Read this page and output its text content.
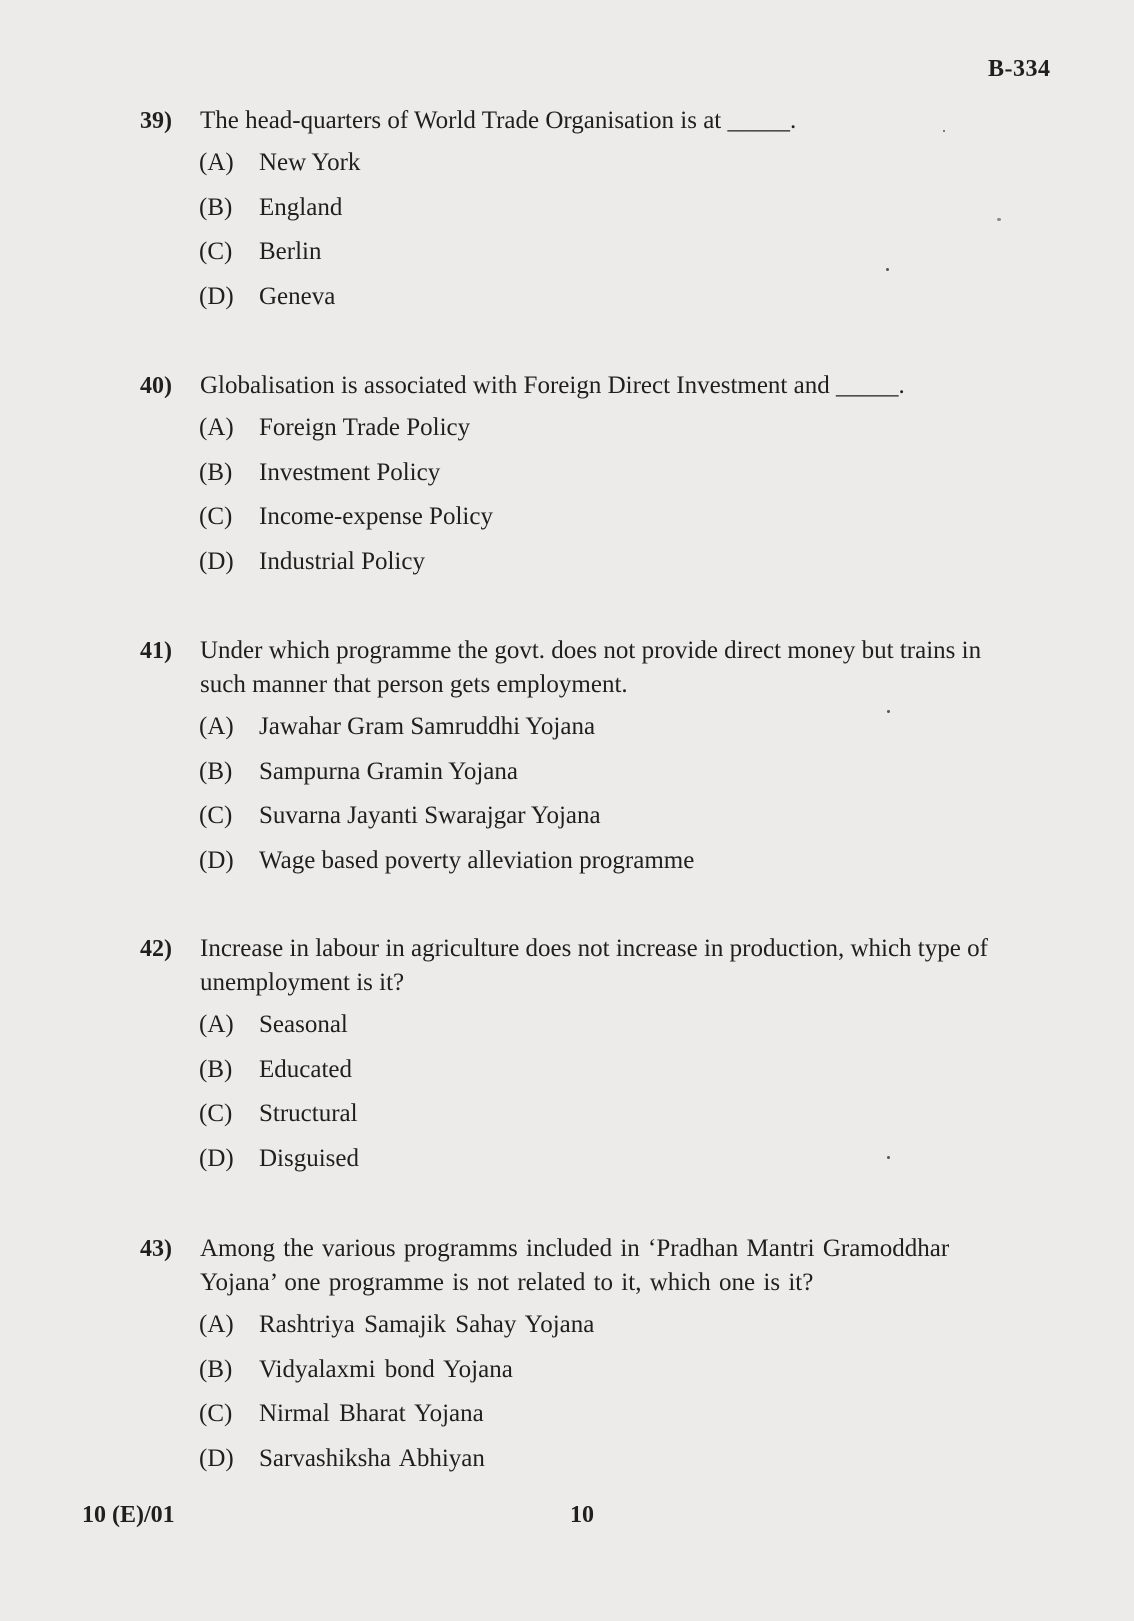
B-334
39) The head-quarters of World Trade Organisation is at _____.
(A) New York
(B) England
(C) Berlin
(D) Geneva
40) Globalisation is associated with Foreign Direct Investment and _____.
(A) Foreign Trade Policy
(B) Investment Policy
(C) Income-expense Policy
(D) Industrial Policy
41) Under which programme the govt. does not provide direct money but trains in such manner that person gets employment.
(A) Jawahar Gram Samruddhi Yojana
(B) Sampurna Gramin Yojana
(C) Suvarna Jayanti Swarajgar Yojana
(D) Wage based poverty alleviation programme
42) Increase in labour in agriculture does not increase in production, which type of unemployment is it?
(A) Seasonal
(B) Educated
(C) Structural
(D) Disguised
43) Among the various programms included in ‘Pradhan Mantri Gramoddhar Yojana’ one programme is not related to it, which one is it?
(A) Rashtriya Samajik Sahay Yojana
(B) Vidyalaxmi bond Yojana
(C) Nirmal Bharat Yojana
(D) Sarvashiksha Abhiyan
10 (E)/01	10
